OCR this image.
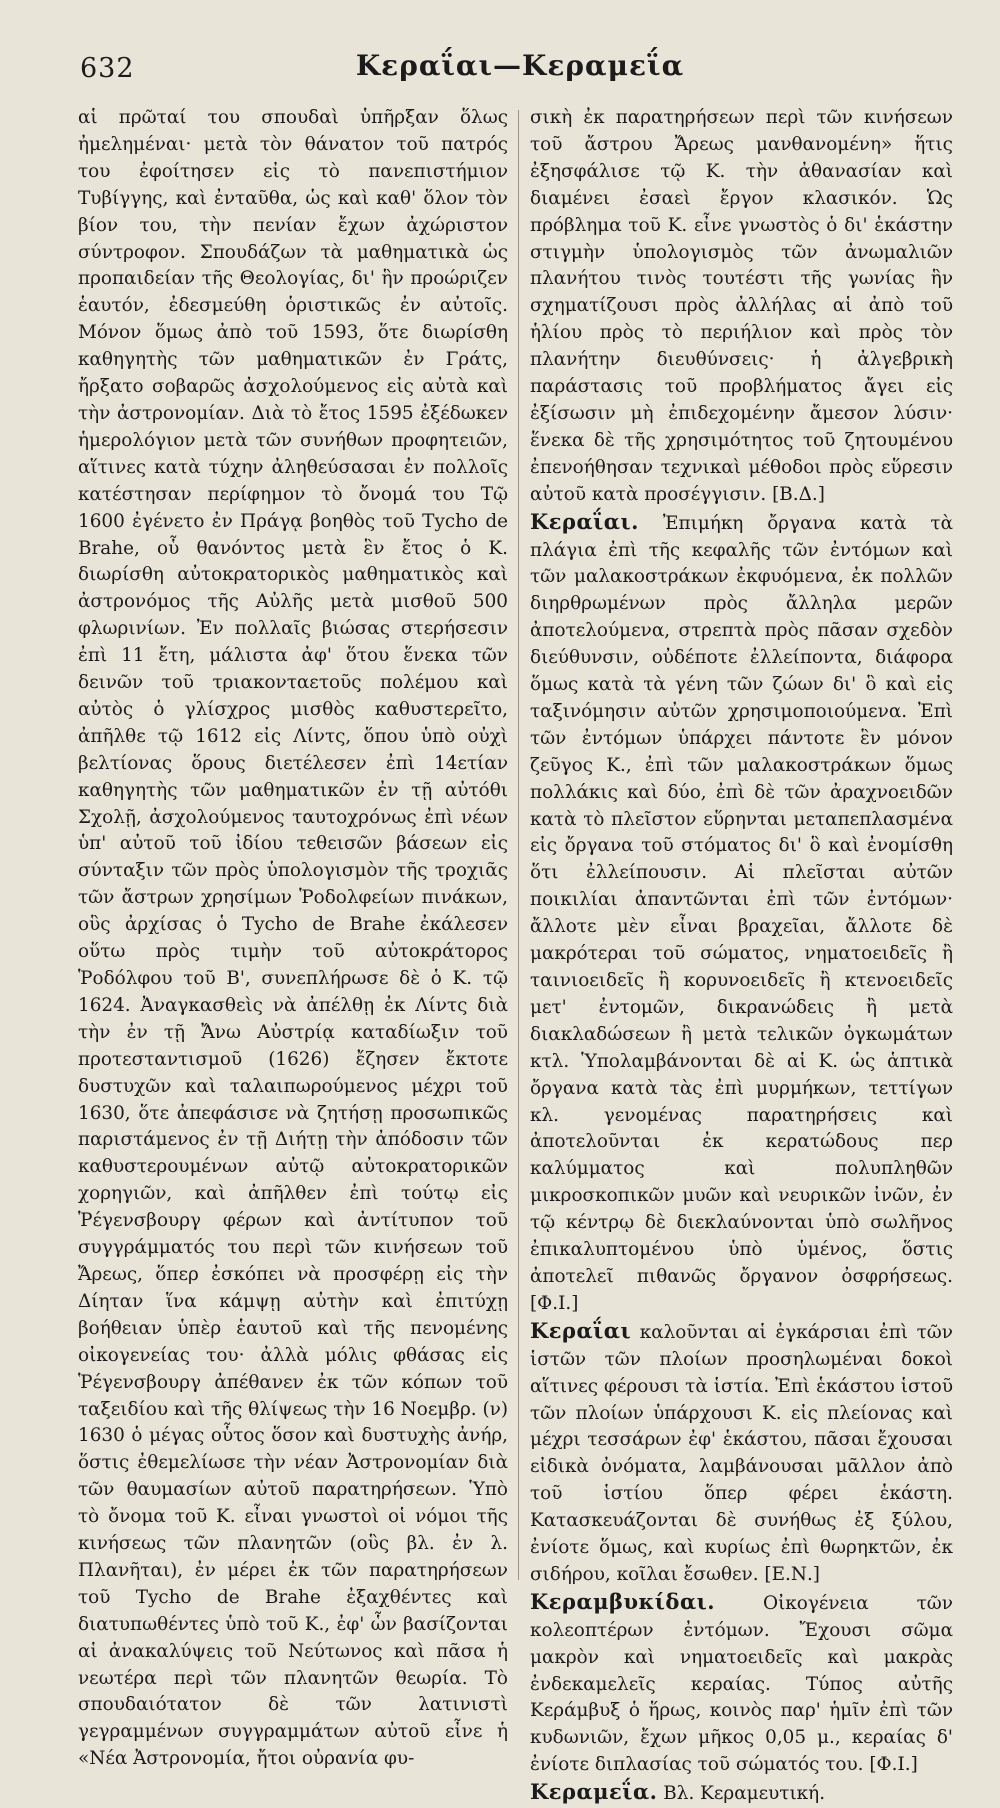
632	Κεραΐαι—Κεραμεΐα

αἱ πρῶταί του σπουδαὶ ὑπῆρξαν ὅλως ἠμελημέναι· μετὰ τὸν θάνατον τοῦ πατρός του ἐφοίτησεν εἰς τὸ πανεπιστήμιον Τυβίγγης, καὶ ἐνταῦθα, ὡς καὶ καθ' ὅλον τὸν βίον του, τὴν πενίαν ἔχων ἀχώριστον σύντροφον. Σπουδάζων τὰ μαθηματικὰ ὡς προπαιδείαν τῆς Θεολογίας, δι' ἣν προώριζεν ἑαυτόν, ἐδεσμεύθη ὁριστικῶς ἐν αὐτοῖς. Μόνον ὅμως ἀπὸ τοῦ 1593, ὅτε διωρίσθη καθηγητὴς τῶν μαθηματικῶν ἐν Γράτς, ἤρξατο σοβαρῶς ἀσχολούμενος εἰς αὐτὰ καὶ τὴν ἀστρονομίαν. Διὰ τὸ ἔτος 1595 ἐξέδωκεν ἡμερολόγιον μετὰ τῶν συνήθων προφητειῶν, αἵτινες κατὰ τύχην ἀληθεύσασαι ἐν πολλοῖς κατέστησαν περίφημον τὸ ὄνομά του Τῷ 1600 ἐγένετο ἐν Πράγᾳ βοηθὸς τοῦ Tycho de Brahe, οὗ θανόντος μετὰ ἓν ἔτος ὁ Κ. διωρίσθη αὐτοκρατορικὸς μαθηματικὸς καὶ ἀστρονόμος τῆς Αὐλῆς μετὰ μισθοῦ 500 φλωρινίων. Ἐν πολλαῖς βιώσας στερήσεσιν ἐπὶ 11 ἔτη, μάλιστα ἀφ' ὅτου ἕνεκα τῶν δεινῶν τοῦ τριακονταετοῦς πολέμου καὶ αὐτὸς ὁ γλίσχρος μισθὸς καθυστερεῖτο, ἀπῆλθε τῷ 1612 εἰς Λίντς, ὅπου ὑπὸ οὐχὶ βελτίονας ὅρους διετέλεσεν ἐπὶ 14ετίαν καθηγητὴς τῶν μαθηματικῶν ἐν τῇ αὐτόθι Σχολῇ, ἀσχολούμενος ταυτοχρόνως ἐπὶ νέων ὑπ' αὐτοῦ τοῦ ἰδίου τεθεισῶν βάσεων εἰς σύνταξιν τῶν πρὸς ὑπολογισμὸν τῆς τροχιᾶς τῶν ἄστρων χρησίμων Ῥοδολφείων πινάκων, οὓς ἀρχίσας ὁ Tycho de Brahe ἐκάλεσεν οὕτω πρὸς τιμὴν τοῦ αὐτοκράτορος Ῥοδόλφου τοῦ Β', συνεπλήρωσε δὲ ὁ Κ. τῷ 1624. Ἀναγκασθεὶς νὰ ἀπέλθῃ ἐκ Λίντς διὰ τὴν ἐν τῇ Ἄνω Αὐστρίᾳ καταδίωξιν τοῦ προτεσταντισμοῦ (1626) ἔζησεν ἔκτοτε δυστυχῶν καὶ ταλαιπωρούμενος μέχρι τοῦ 1630, ὅτε ἀπεφάσισε νὰ ζητήσῃ προσωπικῶς παριστάμενος ἐν τῇ Διήτῃ τὴν ἀπόδοσιν τῶν καθυστερουμένων αὐτῷ αὐτοκρατορικῶν χορηγιῶν, καὶ ἀπῆλθεν ἐπὶ τούτῳ εἰς Ῥέγενσβουργ φέρων καὶ ἀντίτυπον τοῦ συγγράμματός του περὶ τῶν κινήσεων τοῦ Ἄρεως, ὅπερ ἐσκόπει νὰ προσφέρῃ εἰς τὴν Δίηταν ἵνα κάμψῃ αὐτὴν καὶ ἐπιτύχῃ βοήθειαν ὑπὲρ ἑαυτοῦ καὶ τῆς πενομένης οἰκογενείας του· ἀλλὰ μόλις φθάσας εἰς Ῥέγενσβουργ ἀπέθανεν ἐκ τῶν κόπων τοῦ ταξειδίου καὶ τῆς θλίψεως τὴν 16 Νοεμβρ. (ν) 1630 ὁ μέγας οὗτος ὅσον καὶ δυστυχὴς ἀνήρ, ὅστις ἐθεμελίωσε τὴν νέαν Ἀστρονομίαν διὰ τῶν θαυμασίων αὐτοῦ παρατηρήσεων. Ὑπὸ τὸ ὄνομα τοῦ Κ. εἶναι γνωστοὶ οἱ νόμοι τῆς κινήσεως τῶν πλανητῶν (οὓς βλ. ἐν λ. Πλανῆται), ἐν μέρει ἐκ τῶν παρατηρήσεων τοῦ Tycho de Brahe ἐξαχθέντες καὶ διατυπωθέντες ὑπὸ τοῦ Κ., ἐφ' ὧν βασίζονται αἱ ἀνακαλύψεις τοῦ Νεύτωνος καὶ πᾶσα ἡ νεωτέρα περὶ τῶν πλανητῶν θεωρία. Τὸ σπουδαιότατον δὲ τῶν λατινιστὶ γεγραμμένων συγγραμμάτων αὐτοῦ εἶνε ἡ «Νέα Ἀστρονομία, ἤτοι οὐρανία φυ-

σικὴ ἐκ παρατηρήσεων περὶ τῶν κινήσεων τοῦ ἄστρου Ἄρεως μανθανομένη» ἥτις ἐξησφάλισε τῷ Κ. τὴν ἀθανασίαν καὶ διαμένει ἐσαεὶ ἔργον κλασικόν. Ὡς πρόβλημα τοῦ Κ. εἶνε γνωστὸς ὁ δι' ἑκάστην στιγμὴν ὑπολογισμὸς τῶν ἀνωμαλιῶν πλανήτου τινὸς τουτέστι τῆς γωνίας ἣν σχηματίζουσι πρὸς ἀλλήλας αἱ ἀπὸ τοῦ ἡλίου πρὸς τὸ περιήλιον καὶ πρὸς τὸν πλανήτην διευθύνσεις· ἡ ἀλγεβρικὴ παράστασις τοῦ προβλήματος ἄγει εἰς ἐξίσωσιν μὴ ἐπιδεχομένην ἄμεσον λύσιν· ἕνεκα δὲ τῆς χρησιμότητος τοῦ ζητουμένου ἐπενοήθησαν τεχνικαὶ μέθοδοι πρὸς εὕρεσιν αὐτοῦ κατὰ προσέγγισιν. [Β.Δ.]

Κεραΐαι. Ἐπιμήκη ὄργανα κατὰ τὰ πλάγια ἐπὶ τῆς κεφαλῆς τῶν ἐντόμων καὶ τῶν μαλακοστράκων ἐκφυόμενα, ἐκ πολλῶν διηρθρωμένων πρὸς ἄλληλα μερῶν ἀποτελούμενα, στρεπτὰ πρὸς πᾶσαν σχεδὸν διεύθυνσιν, οὐδέποτε ἐλλείποντα, διάφορα ὅμως κατὰ τὰ γένη τῶν ζώων δι' ὃ καὶ εἰς ταξινόμησιν αὐτῶν χρησιμοποιούμενα. Ἐπὶ τῶν ἐντόμων ὑπάρχει πάντοτε ἓν μόνον ζεῦγος Κ., ἐπὶ τῶν μαλακοστράκων ὅμως πολλάκις καὶ δύο, ἐπὶ δὲ τῶν ἀραχνοειδῶν κατὰ τὸ πλεῖστον εὕρηνται μεταπεπλασμένα εἰς ὄργανα τοῦ στόματος δι' ὃ καὶ ἐνομίσθη ὅτι ἐλλείπουσιν. Αἱ πλεῖσται αὐτῶν ποικιλίαι ἀπαντῶνται ἐπὶ τῶν ἐντόμων· ἄλλοτε μὲν εἶναι βραχεῖαι, ἄλλοτε δὲ μακρότεραι τοῦ σώματος, νηματοειδεῖς ἢ ταινιοειδεῖς ἢ κορυνοειδεῖς ἢ κτενοειδεῖς μετ' ἐντομῶν, δικρανώδεις ἢ μετὰ διακλαδώσεων ἢ μετὰ τελικῶν ὀγκωμάτων κτλ. Ὑπολαμβάνονται δὲ αἱ Κ. ὡς ἁπτικὰ ὄργανα κατὰ τὰς ἐπὶ μυρμήκων, τεττίγων κλ. γενομένας παρατηρήσεις καὶ ἀποτελοῦνται ἐκ κερατώδους περ καλύμματος καὶ πολυπληθῶν μικροσκοπικῶν μυῶν καὶ νευρικῶν ἰνῶν, ἐν τῷ κέντρῳ δὲ διεκλαύνονται ὑπὸ σωλῆνος ἐπικαλυπτομένου ὑπὸ ὑμένος, ὅστις ἀποτελεῖ πιθανῶς ὄργανον ὀσφρήσεως. [Φ.Ι.]

Κεραΐαι καλοῦνται αἱ ἐγκάρσιαι ἐπὶ τῶν ἱστῶν τῶν πλοίων προσηλωμέναι δοκοὶ αἵτινες φέρουσι τὰ ἱστία. Ἐπὶ ἑκάστου ἱστοῦ τῶν πλοίων ὑπάρχουσι Κ. εἰς πλείονας καὶ μέχρι τεσσάρων ἐφ' ἑκάστου, πᾶσαι ἔχουσαι εἰδικὰ ὀνόματα, λαμβάνουσαι μᾶλλον ἀπὸ τοῦ ἱστίου ὅπερ φέρει ἑκάστη. Κατασκευάζονται δὲ συνήθως ἐξ ξύλου, ἐνίοτε ὅμως, καὶ κυρίως ἐπὶ θωρηκτῶν, ἐκ σιδήρου, κοῖλαι ἔσωθεν. [Ε.Ν.]

Κεραμβυκίδαι.	Οἰκογένεια τῶν κολεοπτέρων ἐντόμων. Ἔχουσι σῶμα μακρὸν καὶ νηματοειδεῖς καὶ μακρὰς ἐνδεκαμελεῖς κεραίας. Τύπος αὐτῆς Κεράμβυξ ὁ ἥρως, κοινὸς παρ' ἡμῖν ἐπὶ τῶν κυδωνιῶν, ἔχων μῆκος 0,05 μ., κεραίας δ' ἐνίοτε διπλασίας τοῦ σώματός του. [Φ.Ι.]

Κεραμεΐα. Βλ. Κεραμευτική.
